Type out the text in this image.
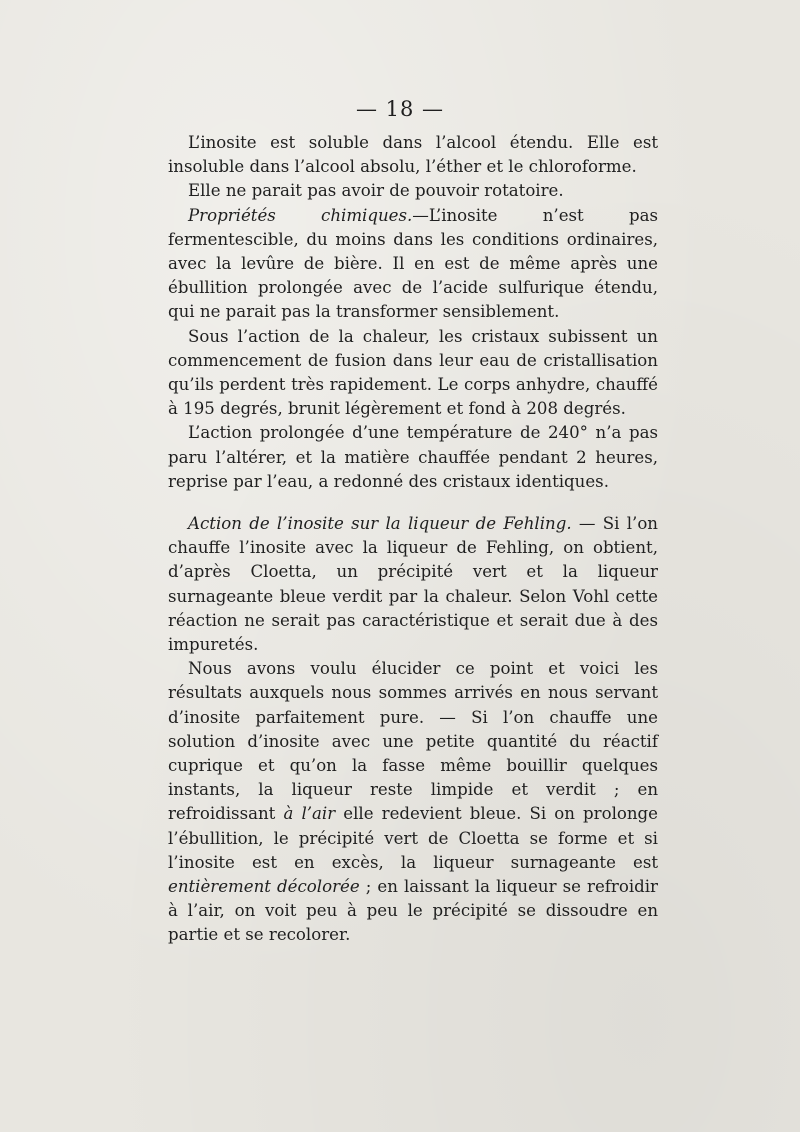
— 18 —

L’inosite est soluble dans l’alcool étendu. Elle est insoluble dans l’alcool absolu, l’éther et le chloroforme.

Elle ne parait pas avoir de pouvoir rotatoire.

Propriétés chimiques.—L’inosite n’est pas fermentescible, du moins dans les conditions ordinaires, avec la levûre de bière. Il en est de même après une ébullition prolongée avec de l’acide sulfurique étendu, qui ne parait pas la transformer sensiblement.

Sous l’action de la chaleur, les cristaux subissent un commencement de fusion dans leur eau de cristallisation qu’ils perdent très rapidement. Le corps anhydre, chauffé à 195 degrés, brunit légèrement et fond à 208 degrés.

L’action prolongée d’une température de 240° n’a pas paru l’altérer, et la matière chauffée pendant 2 heures, reprise par l’eau, a redonné des cristaux identiques.

Action de l’inosite sur la liqueur de Fehling. — Si l’on chauffe l’inosite avec la liqueur de Fehling, on obtient, d’après Cloetta, un précipité vert et la liqueur surnageante bleue verdit par la chaleur. Selon Vohl cette réaction ne serait pas caractéristique et serait due à des impuretés.

Nous avons voulu élucider ce point et voici les résultats auxquels nous sommes arrivés en nous servant d’inosite parfaitement pure. — Si l’on chauffe une solution d’inosite avec une petite quantité du réactif cuprique et qu’on la fasse même bouillir quelques instants, la liqueur reste limpide et verdit ; en refroidissant à l’air elle redevient bleue. Si on prolonge l’ébullition, le précipité vert de Cloetta se forme et si l’inosite est en excès, la liqueur surnageante est entièrement décolorée ; en laissant la liqueur se refroidir à l’air, on voit peu à peu le précipité se dissoudre en partie et se recolorer.
